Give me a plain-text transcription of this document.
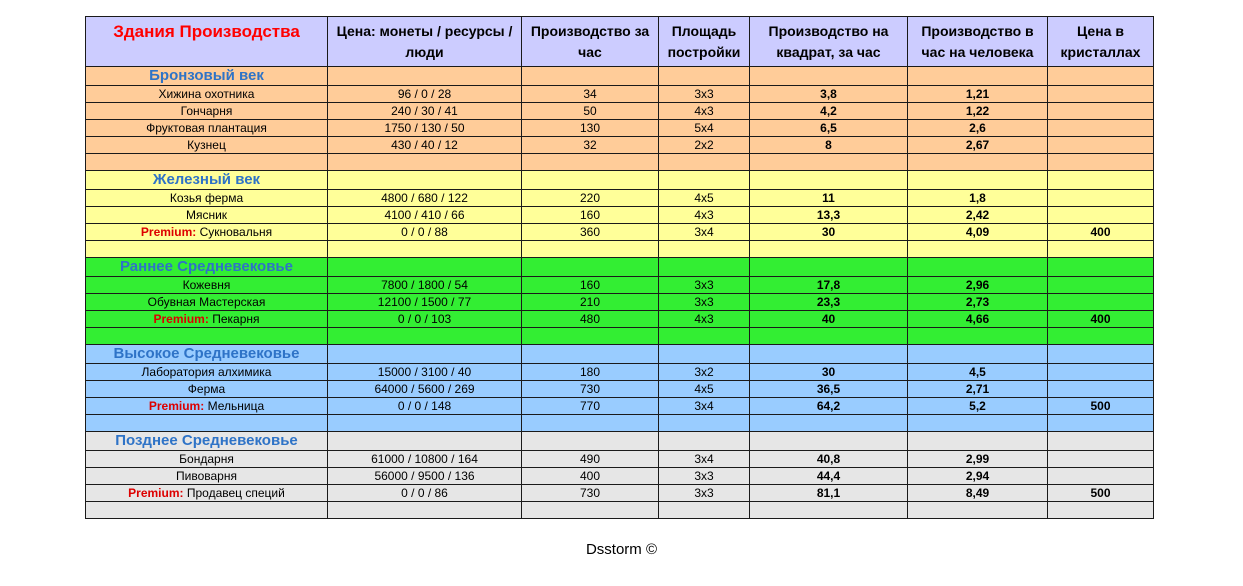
Здания Производства	Цена: монеты / ресурсы / люди	Производство за час	Площадь постройки	Производство на квадрат, за час	Производство в час на человека	Цена в кристаллах
Бронзовый век						
Хижина охотника	96 / 0 / 28	34	3x3	3,8	1,21	
Гончарня	240 / 30 / 41	50	4x3	4,2	1,22	
Фруктовая плантация	1750 / 130 / 50	130	5x4	6,5	2,6	
Кузнец	430 / 40 / 12	32	2x2	8	2,67	

Железный век						
Козья ферма	4800 / 680 / 122	220	4x5	11	1,8	
Мясник	4100 / 410 / 66	160	4x3	13,3	2,42	
Premium: Сукновальня	0 / 0 / 88	360	3x4	30	4,09	400

Раннее Средневековье						
Кожевня	7800 / 1800 / 54	160	3x3	17,8	2,96	
Обувная Мастерская	12100 / 1500 / 77	210	3x3	23,3	2,73	
Premium: Пекарня	0 / 0 / 103	480	4x3	40	4,66	400

Высокое Средневековье						
Лаборатория алхимика	15000 / 3100 / 40	180	3x2	30	4,5	
Ферма	64000 / 5600 / 269	730	4x5	36,5	2,71	
Premium: Мельница	0 / 0 / 148	770	3x4	64,2	5,2	500

Позднее Средневековье						
Бондарня	61000 / 10800 / 164	490	3x4	40,8	2,99	
Пивоварня	56000 / 9500 / 136	400	3x3	44,4	2,94	
Premium: Продавец специй	0 / 0 / 86	730	3x3	81,1	8,49	500

Dsstorm ©
